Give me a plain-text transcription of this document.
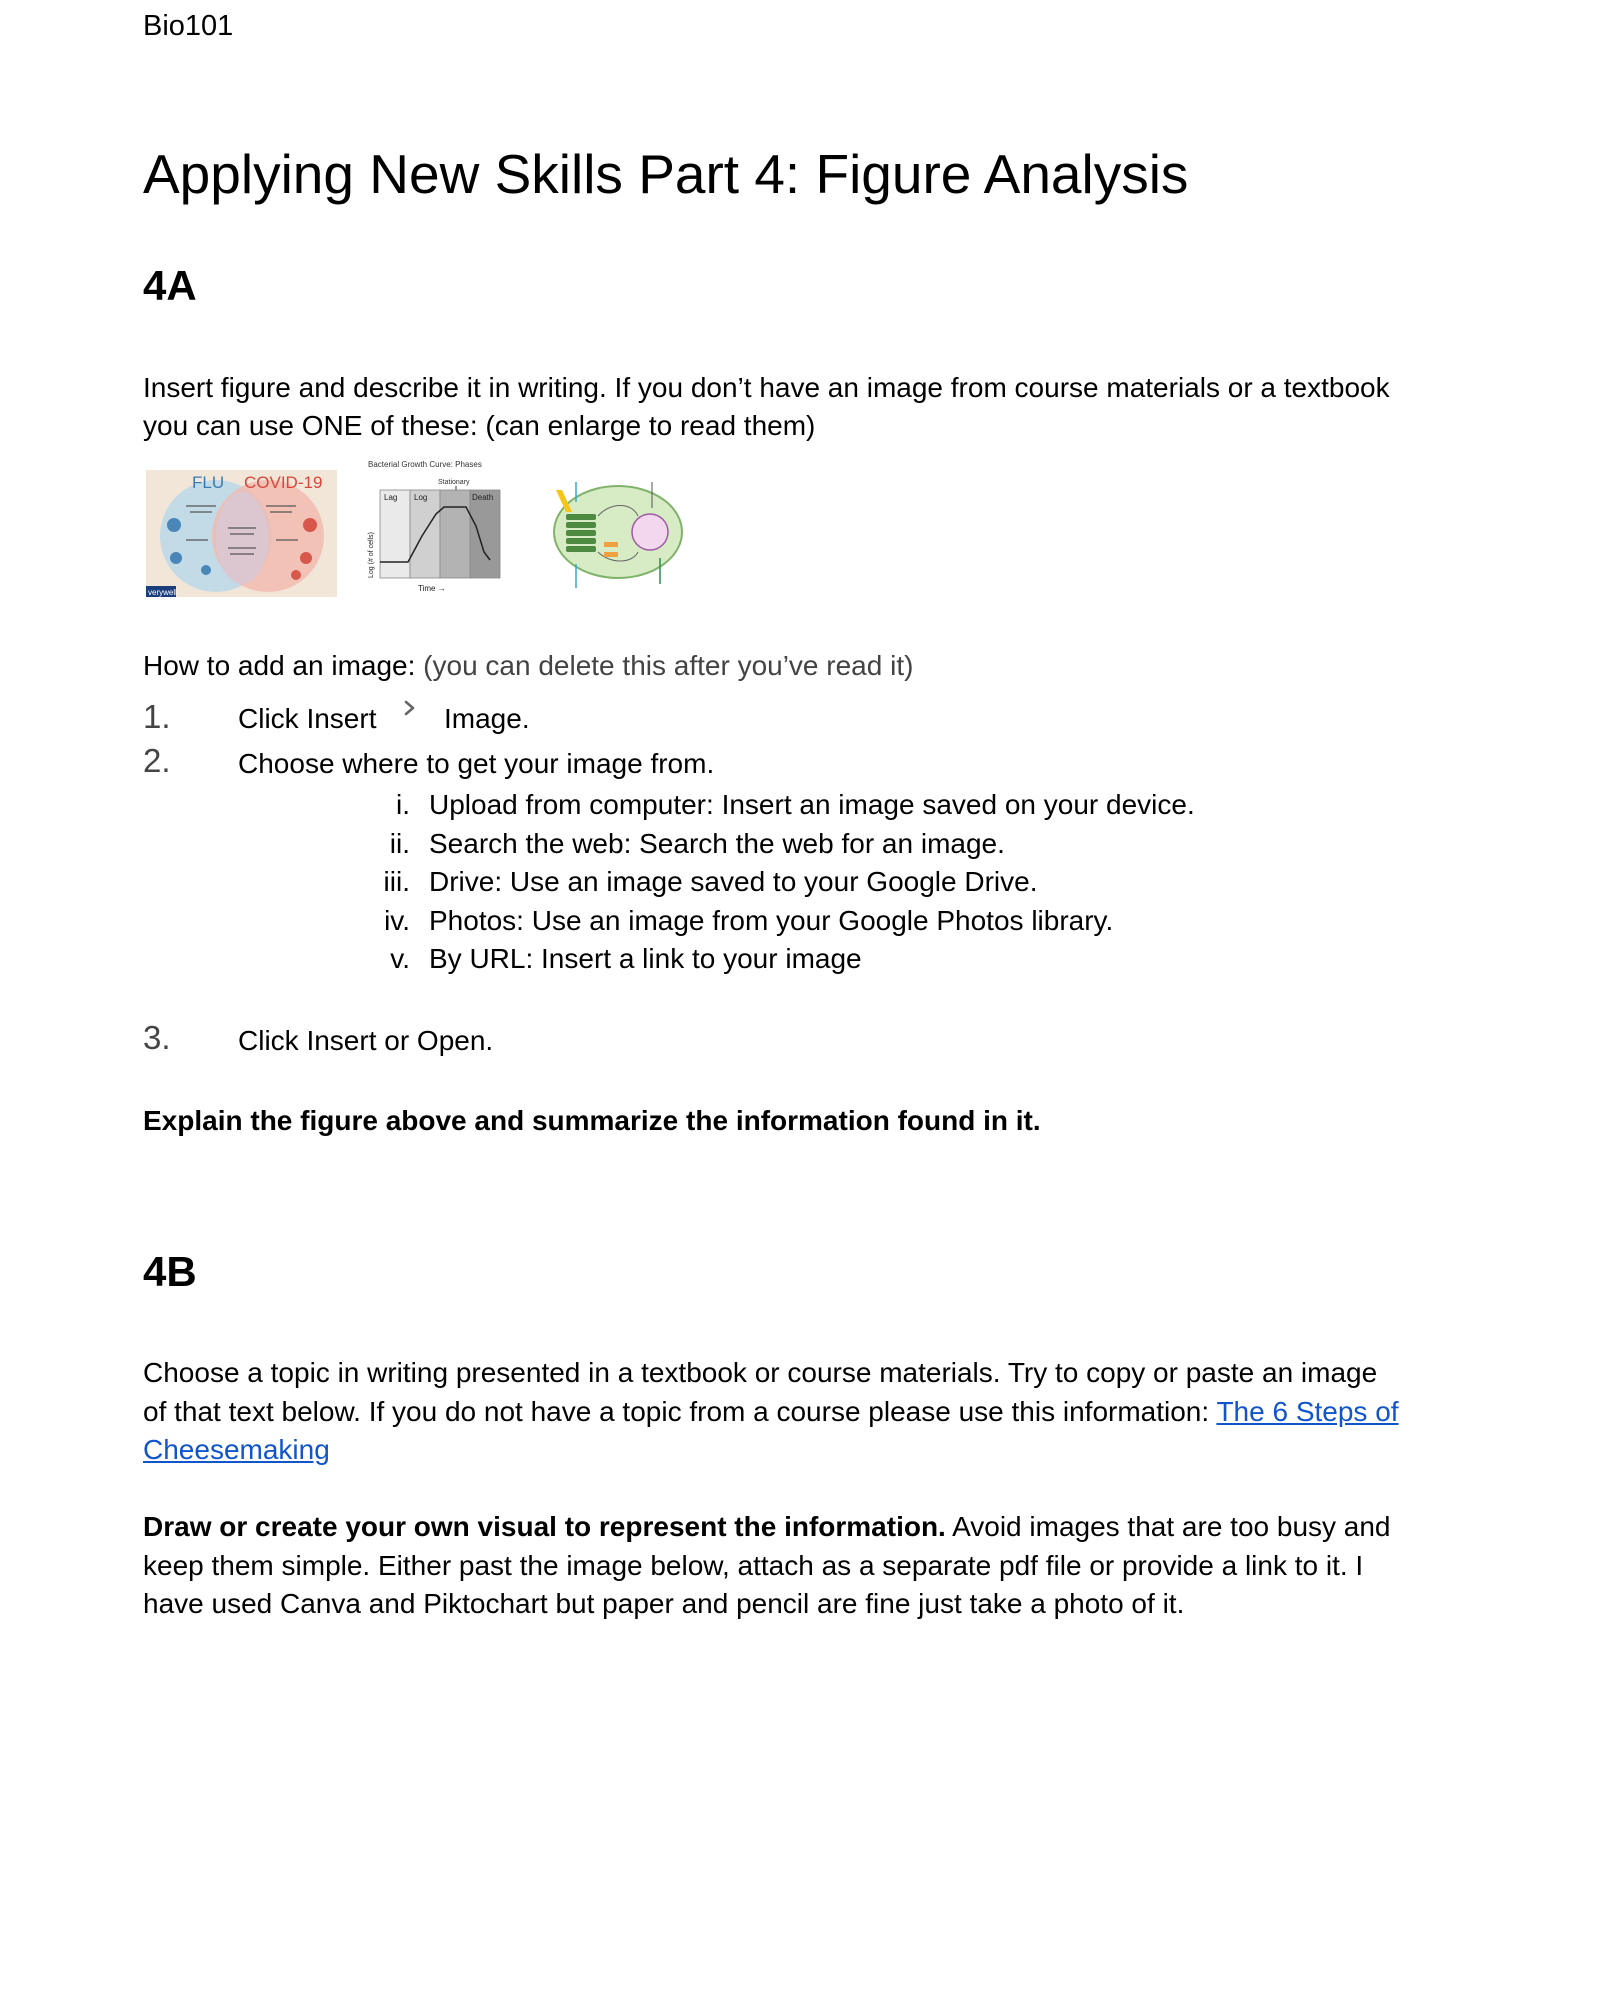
Bio101
Applying New Skills Part 4: Figure Analysis
4A
Insert figure and describe it in writing. If you don’t have an image from course materials or a textbook
you can use ONE of these: (can enlarge to read them)
FLU COVID-19
verywell
Bacterial Growth Curve: Phases
Stationary
Lag Log	Death
Time →
Log (# of cells)
How to add an image: (you can delete this after you’ve read it)
1. Click Insert Image.
2. Choose where to get your image from.
i. Upload from computer: Insert an image saved on your device.
ii. Search the web: Search the web for an image.
iii. Drive: Use an image saved to your Google Drive.
iv. Photos: Use an image from your Google Photos library.
v. By URL: Insert a link to your image
3. Click Insert or Open.
Explain the figure above and summarize the information found in it.
4B
Choose a topic in writing presented in a textbook or course materials. Try to copy or paste an image
of that text below. If you do not have a topic from a course please use this information: The 6 Steps of
Cheesemaking
Draw or create your own visual to represent the information. Avoid images that are too busy and
keep them simple. Either past the image below, attach as a separate pdf file or provide a link to it. I
have used Canva and Piktochart but paper and pencil are fine just take a photo of it.
